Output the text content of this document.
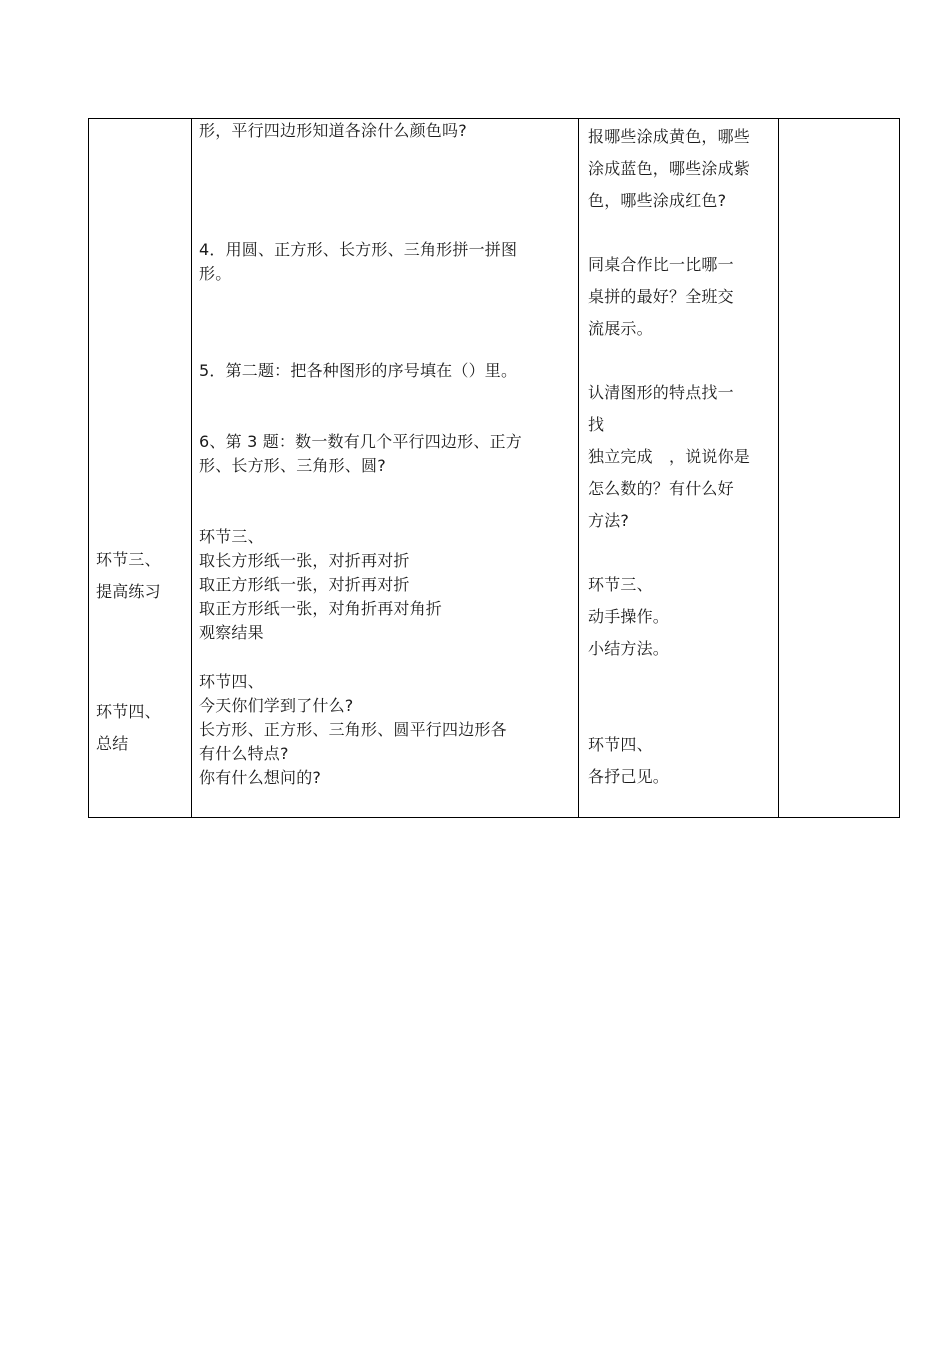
环节三、
提高练习
环节四、
总结
形，平行四边形知道各涂什么颜色吗?
4．用圆、正方形、长方形、三角形拼一拼图
形。
5．第二题：把各种图形的序号填在（）里。
6、第 3 题：数一数有几个平行四边形、正方
形、长方形、三角形、圆?
环节三、
取长方形纸一张，对折再对折
取正方形纸一张，对折再对折
取正方形纸一张，对角折再对角折
观察结果
环节四、
今天你们学到了什么?
长方形、正方形、三角形、圆平行四边形各
有什么特点?
你有什么想问的?
报哪些涂成黄色，哪些
涂成蓝色，哪些涂成紫
色，哪些涂成红色?
同桌合作比一比哪一
桌拼的最好？全班交
流展示。
认清图形的特点找一
找
独立完成　，说说你是
怎么数的？有什么好
方法?
环节三、
动手操作。
小结方法。
环节四、
各抒己见。
